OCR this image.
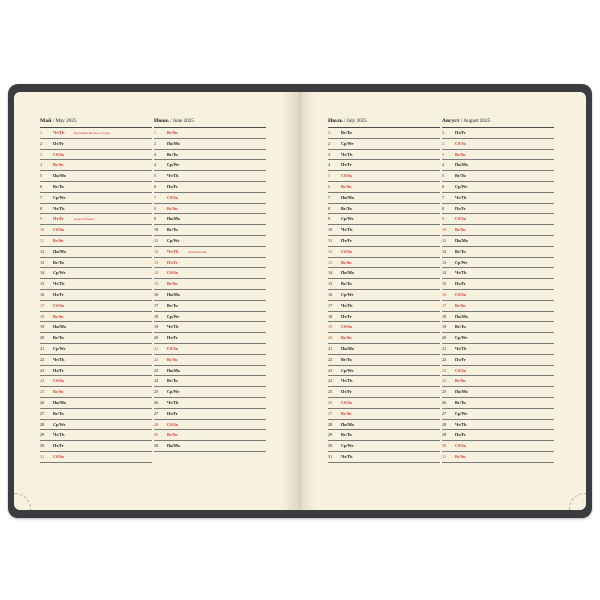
Май / May 2025
1	Чт/Th	Праздник Весны и Труда
2	Пт/Fr
3	Сб/Sa
4	Вс/Su
5	Пн/Mo
6	Вт/Tu
7	Ср/We
8	Чт/Th
9	Пт/Fr	День Победы
10 Сб/Sa
11 Вс/Su
12 Пн/Mo
13 Вт/Tu
14 Ср/We
15 Чт/Th
16 Пт/Fr
17 Сб/Sa
18 Вс/Su
19 Пн/Mo
20 Вт/Tu
21 Ср/We
22 Чт/Th
23 Пт/Fr
24 Сб/Sa
25 Вс/Su
26 Пн/Mo
27 Вт/Tu
28 Ср/We
29 Чт/Th
30 Пт/Fr
31 Сб/Sa
Июнь / June 2025
1	Вс/Su
2	Пн/Mo
3	Вт/Tu
4	Ср/We
5	Чт/Th
6	Пт/Fr
7	Сб/Sa
8	Вс/Su
9	Пн/Mo
10 Вт/Tu
11 Ср/We
12 Чт/Th	День России
13 Пт/Fr
14 Сб/Sa
15 Вс/Su
16 Пн/Mo
17 Вт/Tu
18 Ср/We
19 Чт/Th
20 Пт/Fr
21 Сб/Sa
22 Вс/Su
23 Пн/Mo
24 Вт/Tu
25 Ср/We
26 Чт/Th
27 Пт/Fr
28 Сб/Sa
29 Вс/Su
30 Пн/Mo
Июль / July 2025
1	Вт/Tu
2	Ср/We
3	Чт/Th
4	Пт/Fr
5	Сб/Sa
6	Вс/Su
7	Пн/Mo
8	Вт/Tu
9	Ср/We
10 Чт/Th
11 Пт/Fr
12 Сб/Sa
13 Вс/Su
14 Пн/Mo
15 Вт/Tu
16 Ср/We
17 Чт/Th
18 Пт/Fr
19 Сб/Sa
20 Вс/Su
21 Пн/Mo
22 Вт/Tu
23 Ср/We
24 Чт/Th
25 Пт/Fr
26 Сб/Sa
27 Вс/Su
28 Пн/Mo
29 Вт/Tu
30 Ср/We
31 Чт/Th
Август / August 2025
1	Пт/Fr
2	Сб/Sa
3	Вс/Su
4	Пн/Mo
5	Вт/Tu
6	Ср/We
7	Чт/Th
8	Пт/Fr
9	Сб/Sa
10 Вс/Su
11 Пн/Mo
12 Вт/Tu
13 Ср/We
14 Чт/Th
15 Пт/Fr
16 Сб/Sa
17 Вс/Su
18 Пн/Mo
19 Вт/Tu
20 Ср/We
21 Чт/Th
22 Пт/Fr
23 Сб/Sa
24 Вс/Su
25 Пн/Mo
26 Вт/Tu
27 Ср/We
28 Чт/Th
29 Пт/Fr
30 Сб/Sa
31 Вс/Su
